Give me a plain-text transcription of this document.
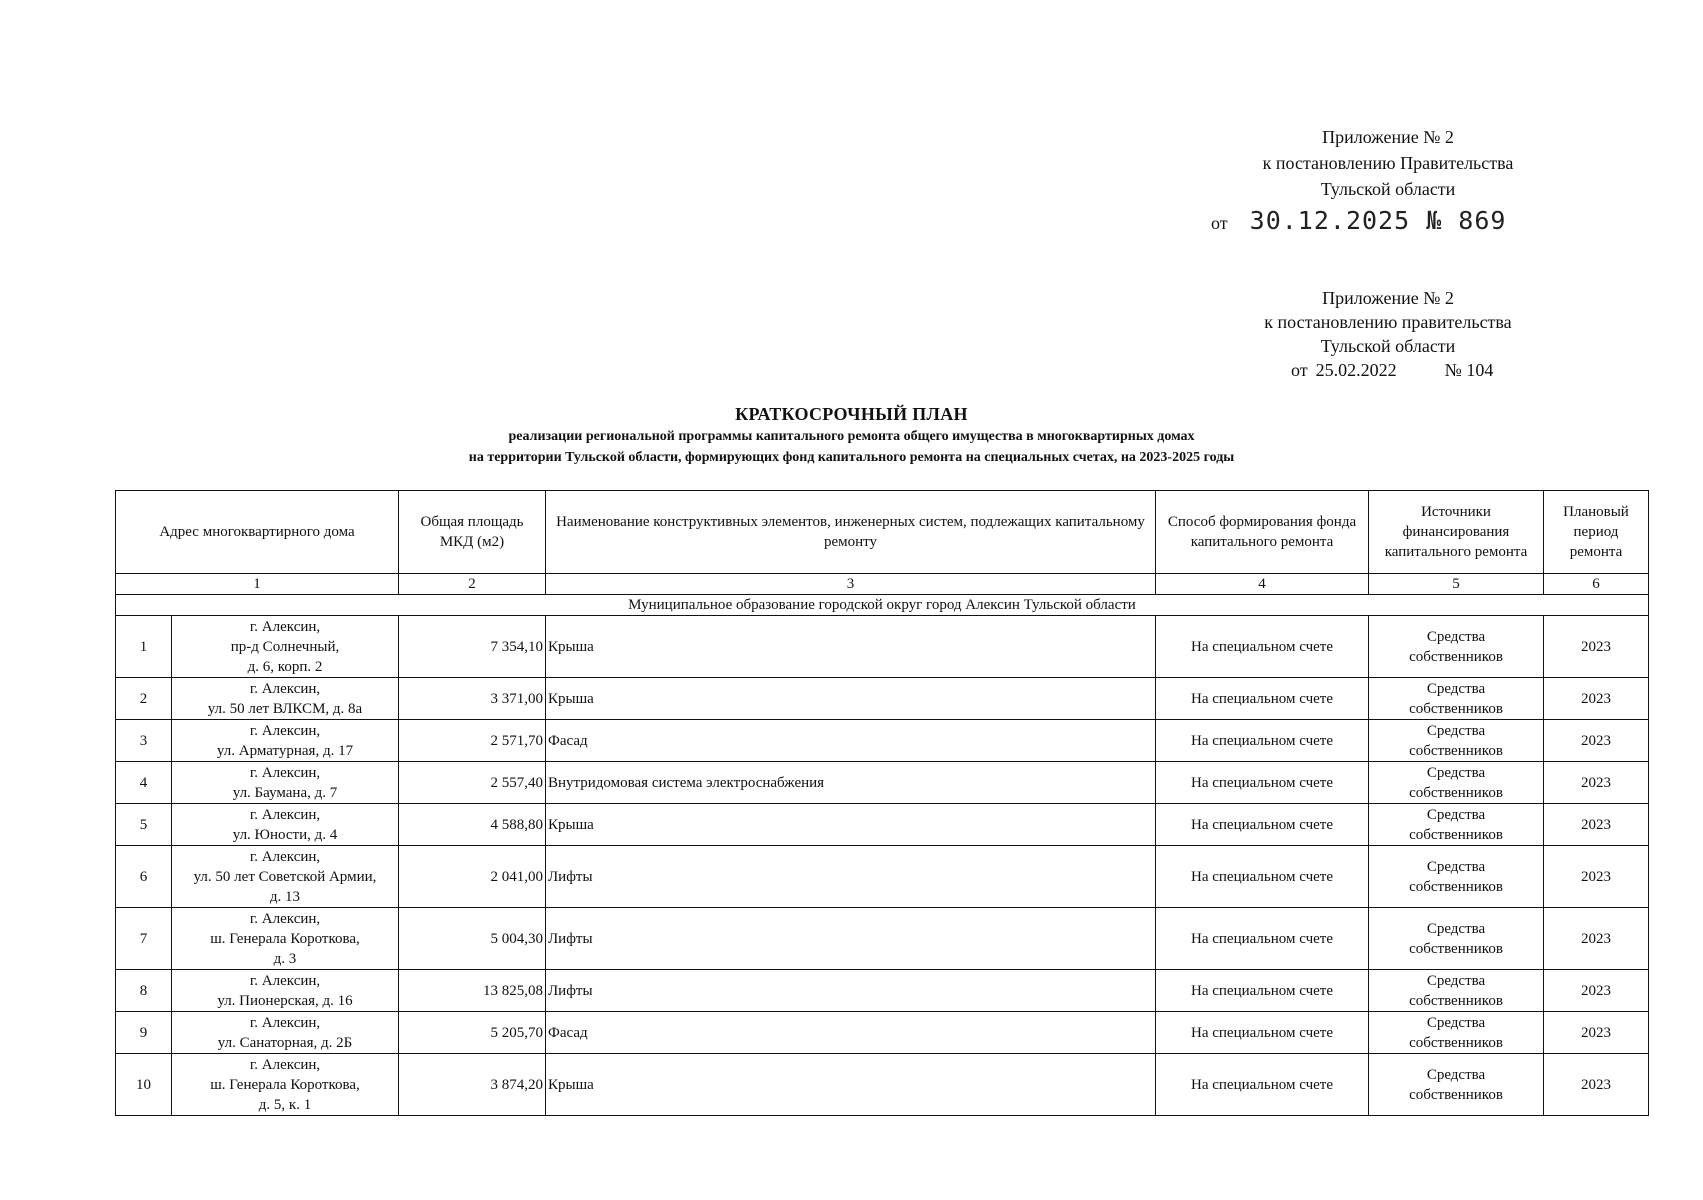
Приложение № 2
к постановлению Правительства
Тульской области
от 30.12.2025 № 869
Приложение № 2
к постановлению правительства
Тульской области
от 25.02.2022	№ 104
КРАТКОСРОЧНЫЙ ПЛАН
реализации региональной программы капитального ремонта общего имущества в многоквартирных домах
на территории Тульской области, формирующих фонд капитального ремонта на специальных счетах, на 2023-2025 годы
Адрес многоквартирного дома		Общая площадь МКД (м2)	Наименование конструктивных элементов, инженерных систем, подлежащих капитальному ремонту	Способ формирования фонда капитального ремонта	Источники финансирования капитального ремонта	Плановый период ремонта
1		2	3	4	5	6
Муниципальное образование городской округ город Алексин Тульской области						
1	г. Алексин,
пр-д Солнечный,
д. 6, корп. 2	7 354,10	Крыша	На специальном счете	Средства
собственников	2023
2	г. Алексин,
ул. 50 лет ВЛКСМ, д. 8а	3 371,00	Крыша	На специальном счете	Средства
собственников	2023
3	г. Алексин,
ул. Арматурная, д. 17	2 571,70	Фасад	На специальном счете	Средства
собственников	2023
4	г. Алексин,
ул. Баумана, д. 7	2 557,40	Внутридомовая система электроснабжения	На специальном счете	Средства
собственников	2023
5	г. Алексин,
ул. Юности, д. 4	4 588,80	Крыша	На специальном счете	Средства
собственников	2023
6	г. Алексин,
ул. 50 лет Советской Армии,
д. 13	2 041,00	Лифты	На специальном счете	Средства
собственников	2023
7	г. Алексин,
ш. Генерала Короткова,
д. 3	5 004,30	Лифты	На специальном счете	Средства
собственников	2023
8	г. Алексин,
ул. Пионерская, д. 16	13 825,08	Лифты	На специальном счете	Средства
собственников	2023
9	г. Алексин,
ул. Санаторная, д. 2Б	5 205,70	Фасад	На специальном счете	Средства
собственников	2023
10	г. Алексин,
ш. Генерала Короткова,
д. 5, к. 1	3 874,20	Крыша	На специальном счете	Средства
собственников	2023
